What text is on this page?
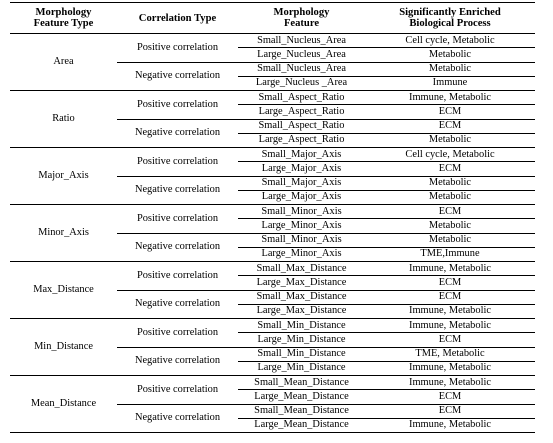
Morphology
Feature Type	Correlation Type	Morphology
Feature	Significantly Enriched
Biological Process
Area	Positive correlation	Small_Nucleus_Area	Cell cycle, Metabolic
		Large_Nucleus_Area	Metabolic
	Negative correlation	Small_Nucleus_Area	Metabolic
		Large_Nucleus _Area	Immune
Ratio	Positive correlation	Small_Aspect_Ratio	Immune, Metabolic
		Large_Aspect_Ratio	ECM
	Negative correlation	Small_Aspect_Ratio	ECM
		Large_Aspect_Ratio	Metabolic
Major_Axis	Positive correlation	Small_Major_Axis	Cell cycle, Metabolic
		Large_Major_Axis	ECM
	Negative correlation	Small_Major_Axis	Metabolic
		Large_Major_Axis	Metabolic
Minor_Axis	Positive correlation	Small_Minor_Axis	ECM
		Large_Minor_Axis	Metabolic
	Negative correlation	Small_Minor_Axis	Metabolic
		Large_Minor_Axis	TME,Immune
Max_Distance	Positive correlation	Small_Max_Distance	Immune, Metabolic
		Large_Max_Distance	ECM
	Negative correlation	Small_Max_Distance	ECM
		Large_Max_Distance	Immune, Metabolic
Min_Distance	Positive correlation	Small_Min_Distance	Immune, Metabolic
		Large_Min_Distance	ECM
	Negative correlation	Small_Min_Distance	TME, Metabolic
		Large_Min_Distance	Immune, Metabolic
Mean_Distance	Positive correlation	Small_Mean_Distance	Immune, Metabolic
		Large_Mean_Distance	ECM
	Negative correlation	Small_Mean_Distance	ECM
		Large_Mean_Distance	Immune, Metabolic
